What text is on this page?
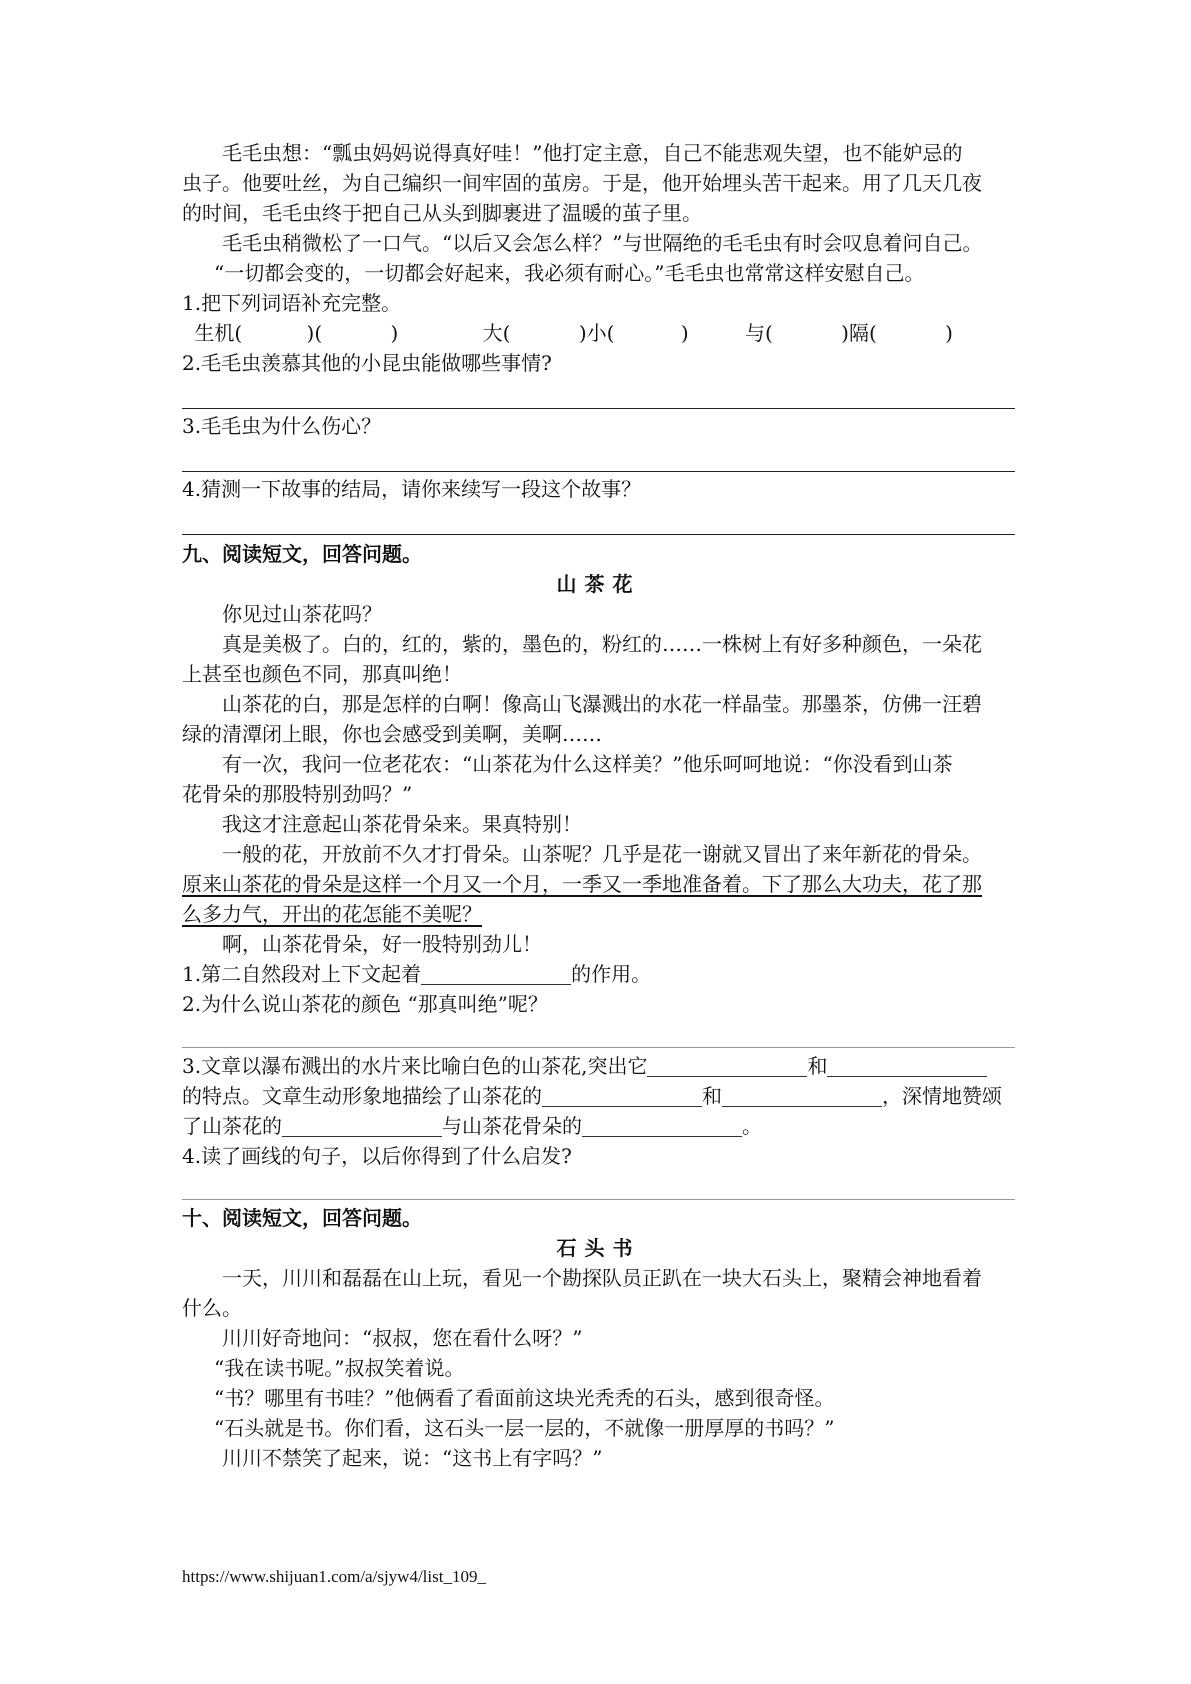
毛毛虫想：“瓢虫妈妈说得真好哇！”他打定主意，自己不能悲观失望，也不能妒忌的
虫子。他要吐丝，为自己编织一间牢固的茧房。于是，他开始埋头苦干起来。用了几天几夜
的时间，毛毛虫终于把自己从头到脚裹进了温暖的茧子里。
毛毛虫稍微松了一口气。“以后又会怎么样？”与世隔绝的毛毛虫有时会叹息着问自己。
“一切都会变的，一切都会好起来，我必须有耐心。”毛毛虫也常常这样安慰自己。
1.把下列词语补充完整。
生机(	)(	)	大(	)小(	)	与(	)隔(	)
2.毛毛虫羡慕其他的小昆虫能做哪些事情?
3.毛毛虫为什么伤心？
4.猜测一下故事的结局，请你来续写一段这个故事？
九、阅读短文，回答问题。
山茶花
你见过山茶花吗？
真是美极了。白的，红的，紫的，墨色的，粉红的……一株树上有好多种颜色，一朵花
上甚至也颜色不同，那真叫绝！
山茶花的白，那是怎样的白啊！像高山飞瀑溅出的水花一样晶莹。那墨茶，仿佛一汪碧
绿的清潭闭上眼，你也会感受到美啊，美啊……
有一次，我问一位老花农：“山茶花为什么这样美？”他乐呵呵地说：“你没看到山茶
花骨朵的那股特别劲吗？”
我这才注意起山茶花骨朵来。果真特别！
一般的花，开放前不久才打骨朵。山茶呢？几乎是花一谢就又冒出了来年新花的骨朵。
原来山茶花的骨朵是这样一个月又一个月，一季又一季地准备着。下了那么大功夫，花了那
么多力气，开出的花怎能不美呢？
啊，山茶花骨朵，好一股特别劲儿！
1.第二自然段对上下文起着	的作用。
2.为什么说山茶花的颜色 “那真叫绝”呢？
3.文章以瀑布溅出的水片来比喻白色的山茶花,突出它	和
的特点。文章生动形象地描绘了山茶花的	和	，深情地赞颂
了山茶花的	与山茶花骨朵的	。
4.读了画线的句子，以后你得到了什么启发?
十、阅读短文，回答问题。
石头书
一天，川川和磊磊在山上玩，看见一个勘探队员正趴在一块大石头上，聚精会神地看着
什么。
川川好奇地问：“叔叔，您在看什么呀？”
“我在读书呢。”叔叔笑着说。
“书？哪里有书哇？”他俩看了看面前这块光秃秃的石头，感到很奇怪。
“石头就是书。你们看，这石头一层一层的，不就像一册厚厚的书吗？”
川川不禁笑了起来，说：“这书上有字吗？”
https://www.shijuan1.com/a/sjyw4/list_109_
